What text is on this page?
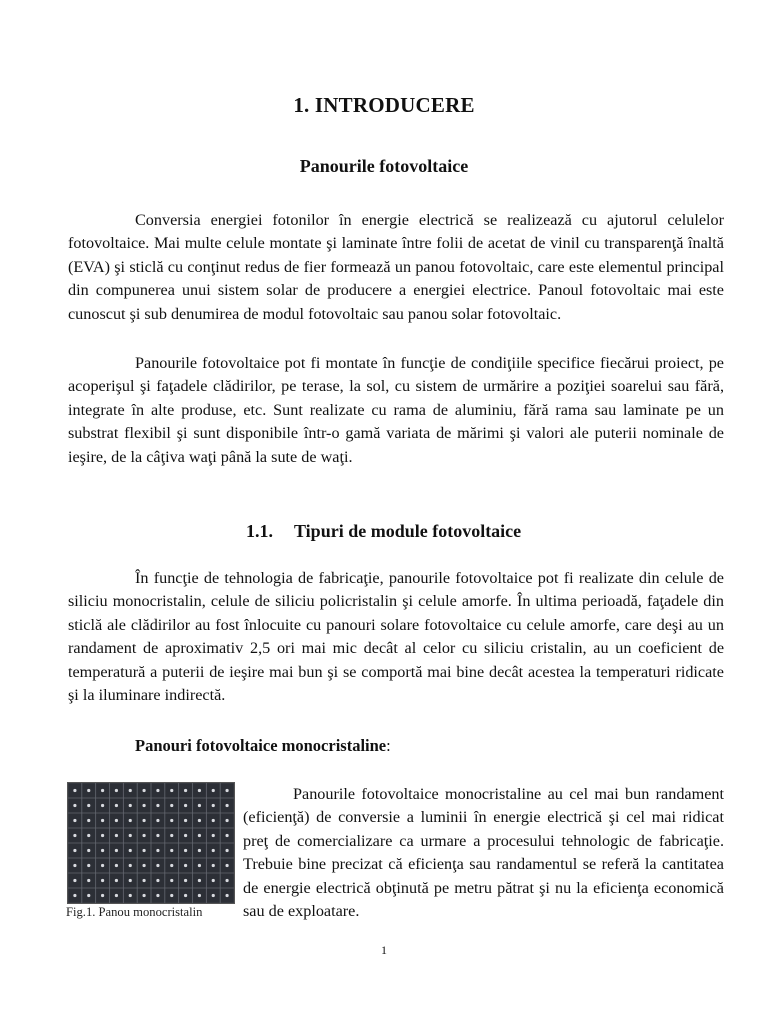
1. INTRODUCERE
Panourile fotovoltaice

Conversia energiei fotonilor în energie electrică se realizează cu ajutorul celulelor fotovoltaice. Mai multe celule montate şi laminate între folii de acetat de vinil cu transparenţă înaltă (EVA) şi sticlă cu conţinut redus de fier formează un panou fotovoltaic, care este elementul principal din compunerea unui sistem solar de producere a energiei electrice. Panoul fotovoltaic mai este cunoscut şi sub denumirea de modul fotovoltaic sau panou solar fotovoltaic.

Panourile fotovoltaice pot fi montate în funcţie de condiţiile specifice fiecărui proiect, pe acoperişul şi faţadele clădirilor, pe terase, la sol, cu sistem de urmărire a poziţiei soarelui sau fără, integrate în alte produse, etc. Sunt realizate cu rama de aluminiu, fără rama sau laminate pe un substrat flexibil şi sunt disponibile într-o gamă variata de mărimi şi valori ale puterii nominale de ieşire, de la câţiva waţi până la sute de waţi.

1.1. Tipuri de module fotovoltaice

În funcţie de tehnologia de fabricaţie, panourile fotovoltaice pot fi realizate din celule de siliciu monocristalin, celule de siliciu policristalin şi celule amorfe. În ultima perioadă, faţadele din sticlă ale clădirilor au fost înlocuite cu panouri solare fotovoltaice cu celule amorfe, care deşi au un randament de aproximativ 2,5 ori mai mic decât al celor cu siliciu cristalin, au un coeficient de temperatură a puterii de ieşire mai bun şi se comportă mai bine decât acestea la temperaturi ridicate şi la iluminare indirectă.

Panouri fotovoltaice monocristaline:
Fig.1. Panou monocristalin

Panourile fotovoltaice monocristaline au cel mai bun randament (eficienţă) de conversie a luminii în energie electrică şi cel mai ridicat preţ de comercializare ca urmare a procesului tehnologic de fabricaţie. Trebuie bine precizat că eficienţa sau randamentul se referă la cantitatea de energie electrică obţinută pe metru pătrat şi nu la eficienţa economică sau de exploatare.

1
